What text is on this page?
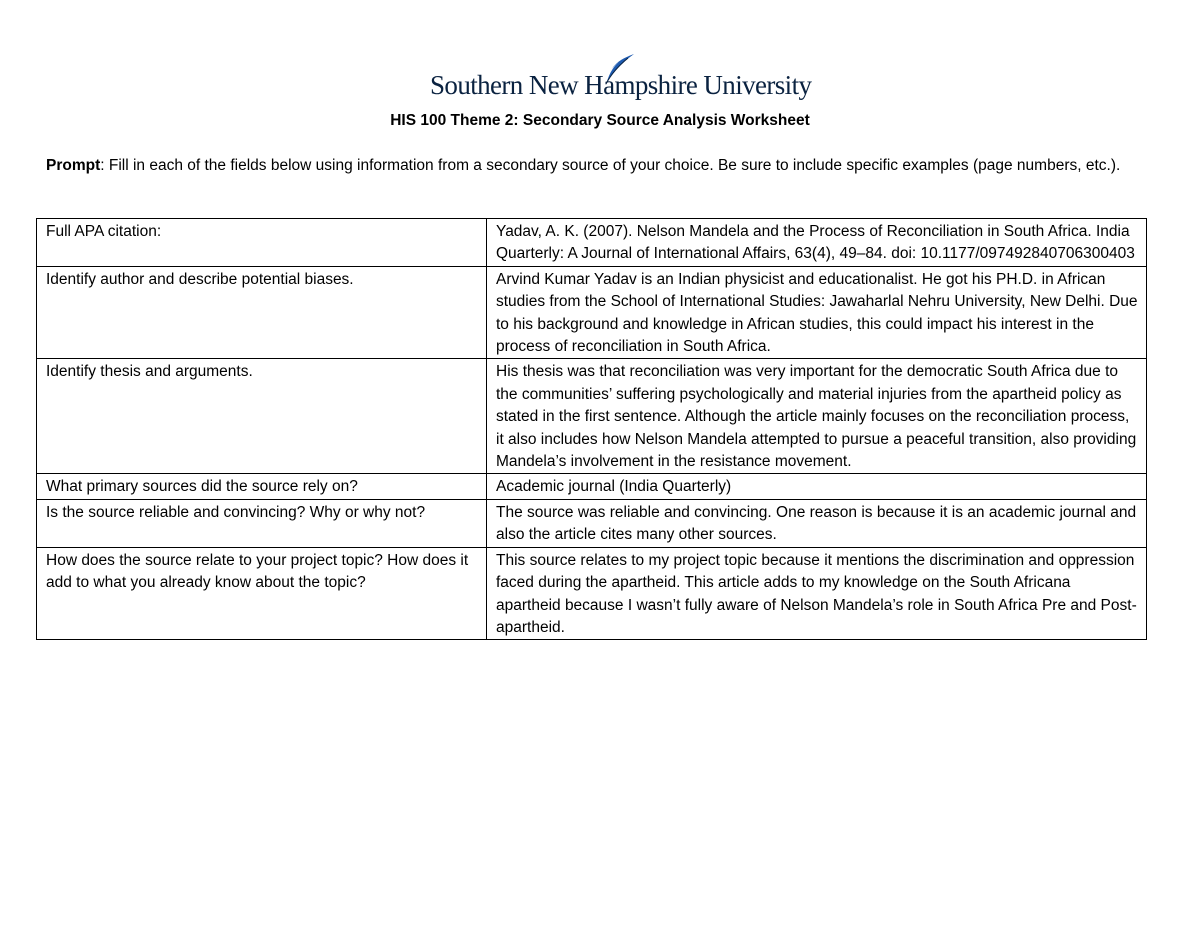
Southern New Hampshire University
HIS 100 Theme 2: Secondary Source Analysis Worksheet
Prompt: Fill in each of the fields below using information from a secondary source of your choice. Be sure to include specific examples (page numbers, etc.).
Full APA citation:	Yadav, A. K. (2007). Nelson Mandela and the Process of Reconciliation in South Africa. India Quarterly: A Journal of International Affairs, 63(4), 49–84. doi: 10.1177/097492840706300403
Identify author and describe potential biases.	Arvind Kumar Yadav is an Indian physicist and educationalist. He got his PH.D. in African studies from the School of International Studies: Jawaharlal Nehru University, New Delhi. Due to his background and knowledge in African studies, this could impact his interest in the process of reconciliation in South Africa.
Identify thesis and arguments.	His thesis was that reconciliation was very important for the democratic South Africa due to the communities’ suffering psychologically and material injuries from the apartheid policy as stated in the first sentence. Although the article mainly focuses on the reconciliation process, it also includes how Nelson Mandela attempted to pursue a peaceful transition, also providing Mandela’s involvement in the resistance movement.
What primary sources did the source rely on?	Academic journal (India Quarterly)
Is the source reliable and convincing? Why or why not?	The source was reliable and convincing. One reason is because it is an academic journal and also the article cites many other sources.
How does the source relate to your project topic? How does it add to what you already know about the topic?	This source relates to my project topic because it mentions the discrimination and oppression faced during the apartheid. This article adds to my knowledge on the South Africana apartheid because I wasn’t fully aware of Nelson Mandela’s role in South Africa Pre and Post-apartheid.
